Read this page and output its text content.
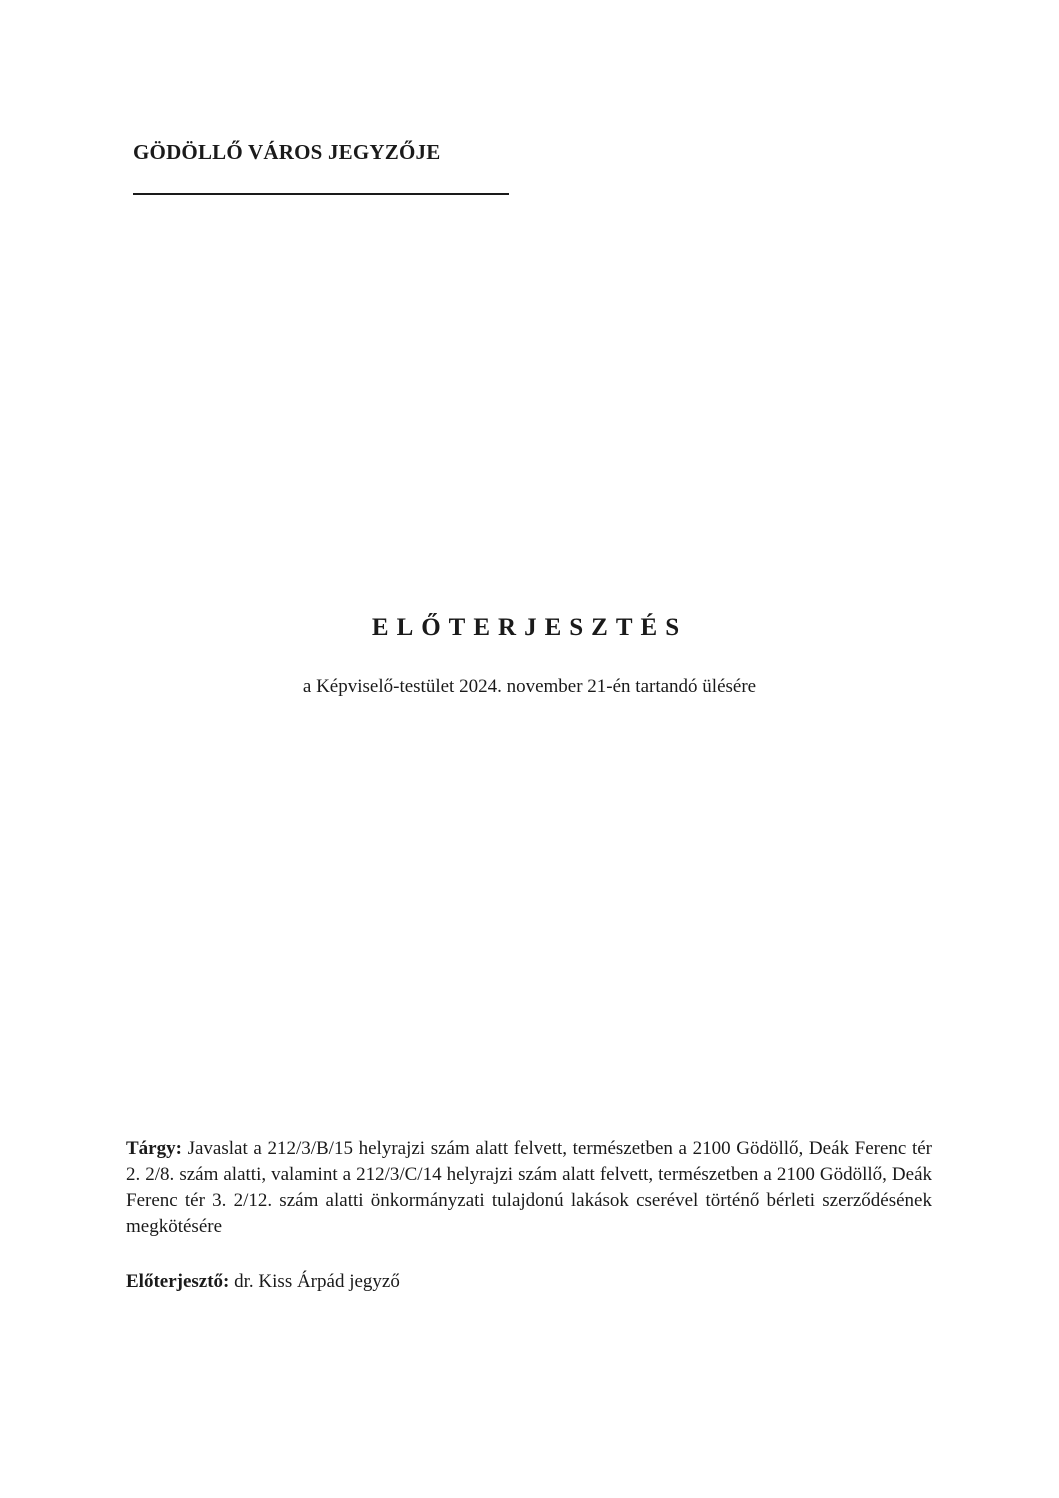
GÖDÖLLŐ VÁROS JEGYZŐJE
ELŐTERJESZTÉS
a Képviselő-testület 2024. november 21-én tartandó ülésére
Tárgy: Javaslat a 212/3/B/15 helyrajzi szám alatt felvett, természetben a 2100 Gödöllő, Deák Ferenc tér 2. 2/8. szám alatti, valamint a 212/3/C/14 helyrajzi szám alatt felvett, természetben a 2100 Gödöllő, Deák Ferenc tér 3. 2/12. szám alatti önkormányzati tulajdonú lakások cserével történő bérleti szerződésének megkötésére
Előterjesztő: dr. Kiss Árpád jegyző
